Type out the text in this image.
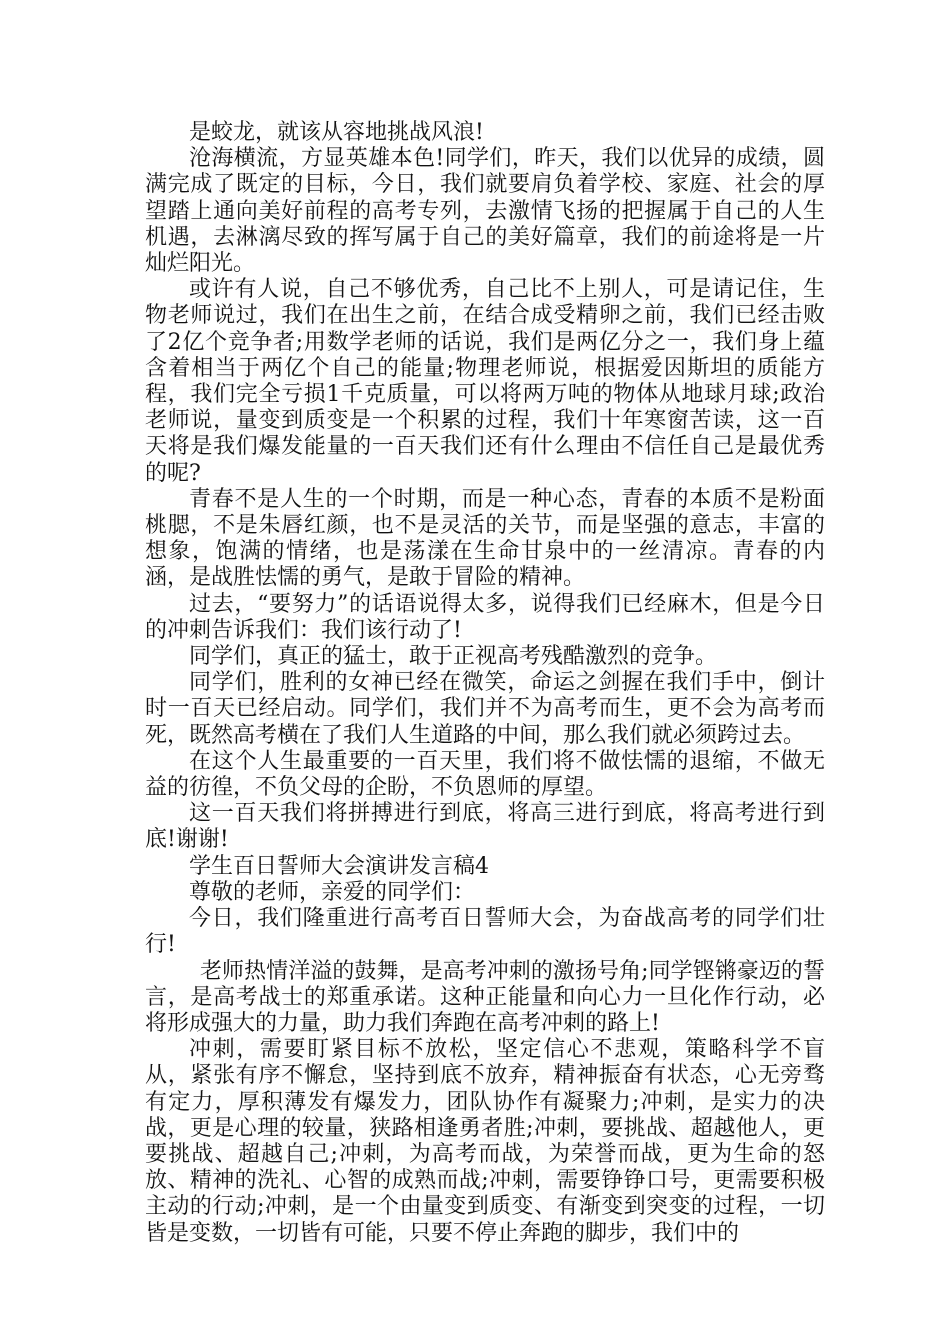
是蛟龙，就该从容地挑战风浪!

沧海横流，方显英雄本色!同学们，昨天，我们以优异的成绩，圆满完成了既定的目标，今日，我们就要肩负着学校、家庭、社会的厚望踏上通向美好前程的高考专列，去激情飞扬的把握属于自己的人生机遇，去淋漓尽致的挥写属于自己的美好篇章，我们的前途将是一片灿烂阳光。

或许有人说，自己不够优秀，自己比不上别人，可是请记住，生物老师说过，我们在出生之前，在结合成受精卵之前，我们已经击败了2亿个竞争者;用数学老师的话说，我们是两亿分之一，我们身上蕴含着相当于两亿个自己的能量;物理老师说，根据爱因斯坦的质能方程，我们完全亏损1千克质量，可以将两万吨的物体从地球月球;政治老师说，量变到质变是一个积累的过程，我们十年寒窗苦读，这一百天将是我们爆发能量的一百天我们还有什么理由不信任自己是最优秀的呢?

青春不是人生的一个时期，而是一种心态，青春的本质不是粉面桃腮，不是朱唇红颜，也不是灵活的关节，而是坚强的意志，丰富的想象，饱满的情绪，也是荡漾在生命甘泉中的一丝清凉。青春的内涵，是战胜怯懦的勇气，是敢于冒险的精神。

过去，“要努力”的话语说得太多，说得我们已经麻木，但是今日的冲刺告诉我们：我们该行动了!

同学们，真正的猛士，敢于正视高考残酷激烈的竞争。

同学们，胜利的女神已经在微笑，命运之剑握在我们手中，倒计时一百天已经启动。同学们，我们并不为高考而生，更不会为高考而死，既然高考横在了我们人生道路的中间，那么我们就必须跨过去。

在这个人生最重要的一百天里，我们将不做怯懦的退缩，不做无益的彷徨，不负父母的企盼，不负恩师的厚望。

这一百天我们将拼搏进行到底，将高三进行到底，将高考进行到底!谢谢!

学生百日誓师大会演讲发言稿4

尊敬的老师，亲爱的同学们：

今日，我们隆重进行高考百日誓师大会，为奋战高考的同学们壮行!

老师热情洋溢的鼓舞，是高考冲刺的激扬号角;同学铿锵豪迈的誓言，是高考战士的郑重承诺。这种正能量和向心力一旦化作行动，必将形成强大的力量，助力我们奔跑在高考冲刺的路上!

冲刺，需要盯紧目标不放松，坚定信心不悲观，策略科学不盲从，紧张有序不懈怠，坚持到底不放弃，精神振奋有状态，心无旁骛有定力，厚积薄发有爆发力，团队协作有凝聚力;冲刺，是实力的决战，更是心理的较量，狭路相逢勇者胜;冲刺，要挑战、超越他人，更要挑战、超越自己;冲刺，为高考而战，为荣誉而战，更为生命的怒放、精神的洗礼、心智的成熟而战;冲刺，需要铮铮口号，更需要积极主动的行动;冲刺，是一个由量变到质变、有渐变到突变的过程，一切皆是变数，一切皆有可能，只要不停止奔跑的脚步，我们中的
